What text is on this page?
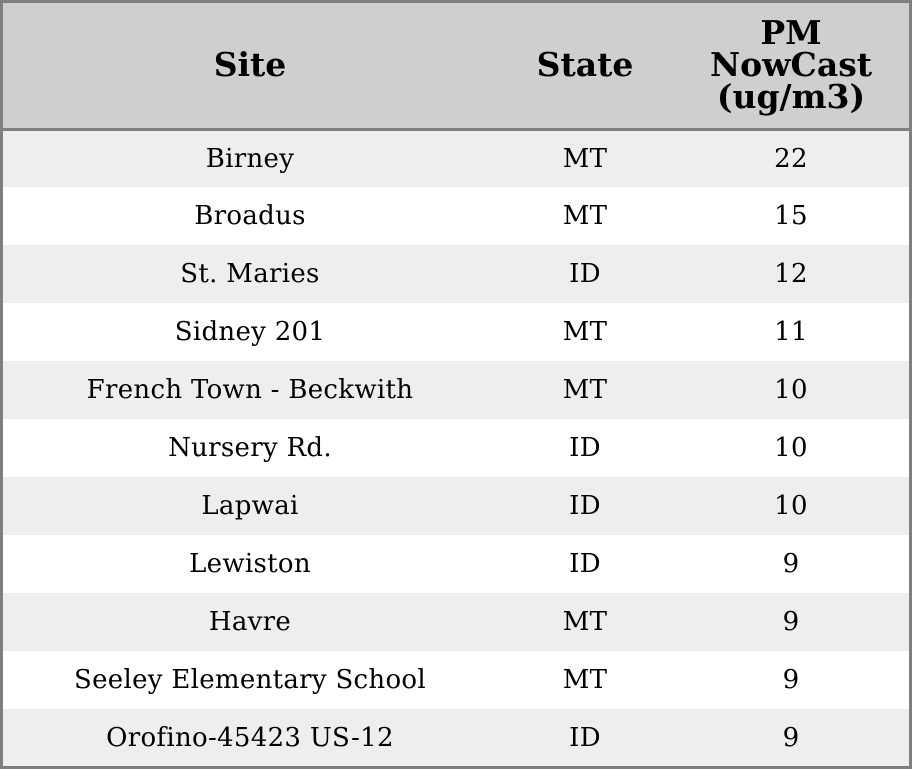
Site	State	PM
NowCast
(ug/m3)

Birney	MT	22
Broadus	MT	15
St. Maries	ID	12
Sidney 201	MT	11
French Town - Beckwith	MT	10
Nursery Rd.	ID	10
Lapwai	ID	10
Lewiston	ID	9
Havre	MT	9
Seeley Elementary School	MT	9
Orofino-45423 US-12	ID	9
